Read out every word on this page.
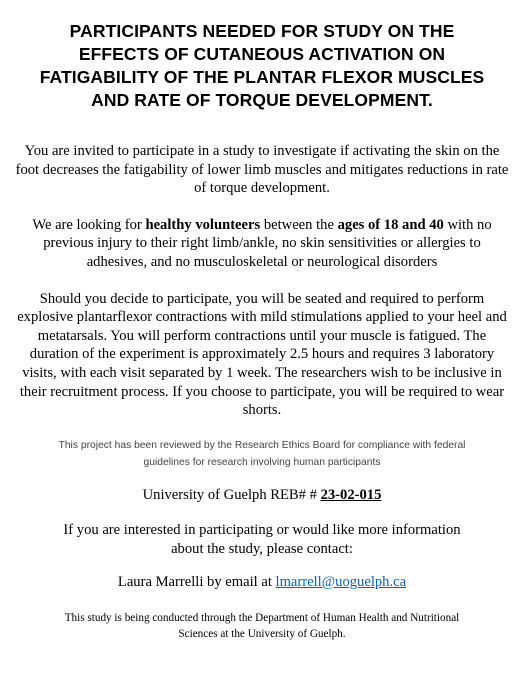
PARTICIPANTS NEEDED FOR STUDY ON THE
EFFECTS OF CUTANEOUS ACTIVATION ON
FATIGABILITY OF THE PLANTAR FLEXOR MUSCLES
AND RATE OF TORQUE DEVELOPMENT.

You are invited to participate in a study to investigate if activating the skin on the foot decreases the fatigability of lower limb muscles and mitigates reductions in rate of torque development.

We are looking for healthy volunteers between the ages of 18 and 40 with no previous injury to their right limb/ankle, no skin sensitivities or allergies to adhesives, and no musculoskeletal or neurological disorders

Should you decide to participate, you will be seated and required to perform explosive plantarflexor contractions with mild stimulations applied to your heel and metatarsals. You will perform contractions until your muscle is fatigued. The duration of the experiment is approximately 2.5 hours and requires 3 laboratory visits, with each visit separated by 1 week. The researchers wish to be inclusive in their recruitment process. If you choose to participate, you will be required to wear shorts.

This project has been reviewed by the Research Ethics Board for compliance with federal
guidelines for research involving human participants

University of Guelph REB# # 23-02-015

If you are interested in participating or would like more information
about the study, please contact:

Laura Marrelli by email at lmarrell@uoguelph.ca

This study is being conducted through the Department of Human Health and Nutritional
Sciences at the University of Guelph.
